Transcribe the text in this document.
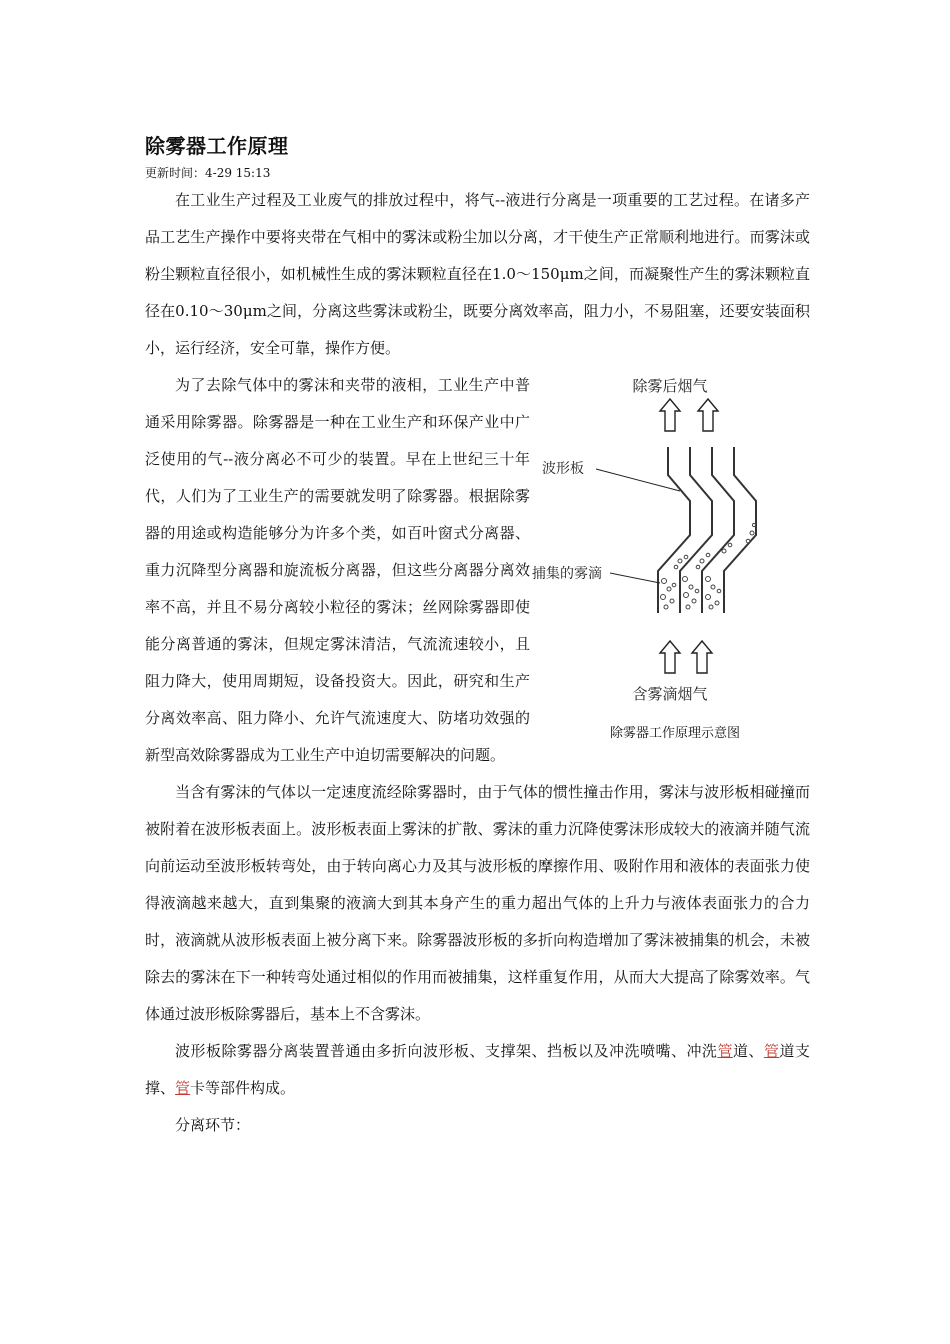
除雾器工作原理
更新时间：4-29 15:13

在工业生产过程及工业废气的排放过程中，将气--液进行分离是一项重要的工艺过程。在诸多产品工艺生产操作中要将夹带在气相中的雾沫或粉尘加以分离，才干使生产正常顺利地进行。而雾沫或粉尘颗粒直径很小，如机械性生成的雾沫颗粒直径在1.0～150μm之间，而凝聚性产生的雾沫颗粒直径在0.10～30μm之间，分离这些雾沫或粉尘，既要分离效率高，阻力小，不易阻塞，还要安装面积小，运行经济，安全可靠，操作方便。

除雾后烟气
波形板
捕集的雾滴
含雾滴烟气
除雾器工作原理示意图

为了去除气体中的雾沫和夹带的液相，工业生产中普通采用除雾器。除雾器是一种在工业生产和环保产业中广泛使用的气--液分离必不可少的装置。早在上世纪三十年代，人们为了工业生产的需要就发明了除雾器。根据除雾器的用途或构造能够分为许多个类，如百叶窗式分离器、重力沉降型分离器和旋流板分离器，但这些分离器分离效率不高，并且不易分离较小粒径的雾沫；丝网除雾器即使能分离普通的雾沫，但规定雾沫清洁，气流流速较小，且阻力降大，使用周期短，设备投资大。因此，研究和生产分离效率高、阻力降小、允许气流速度大、防堵功效强的新型高效除雾器成为工业生产中迫切需要解决的问题。

当含有雾沫的气体以一定速度流经除雾器时，由于气体的惯性撞击作用，雾沫与波形板相碰撞而被附着在波形板表面上。波形板表面上雾沫的扩散、雾沫的重力沉降使雾沫形成较大的液滴并随气流向前运动至波形板转弯处，由于转向离心力及其与波形板的摩擦作用、吸附作用和液体的表面张力使得液滴越来越大，直到集聚的液滴大到其本身产生的重力超出气体的上升力与液体表面张力的合力时，液滴就从波形板表面上被分离下来。除雾器波形板的多折向构造增加了雾沫被捕集的机会，未被除去的雾沫在下一种转弯处通过相似的作用而被捕集，这样重复作用，从而大大提高了除雾效率。气体通过波形板除雾器后，基本上不含雾沫。

波形板除雾器分离装置普通由多折向波形板、支撑架、挡板以及冲洗喷嘴、冲洗管道、管道支撑、管卡等部件构成。

分离环节：
